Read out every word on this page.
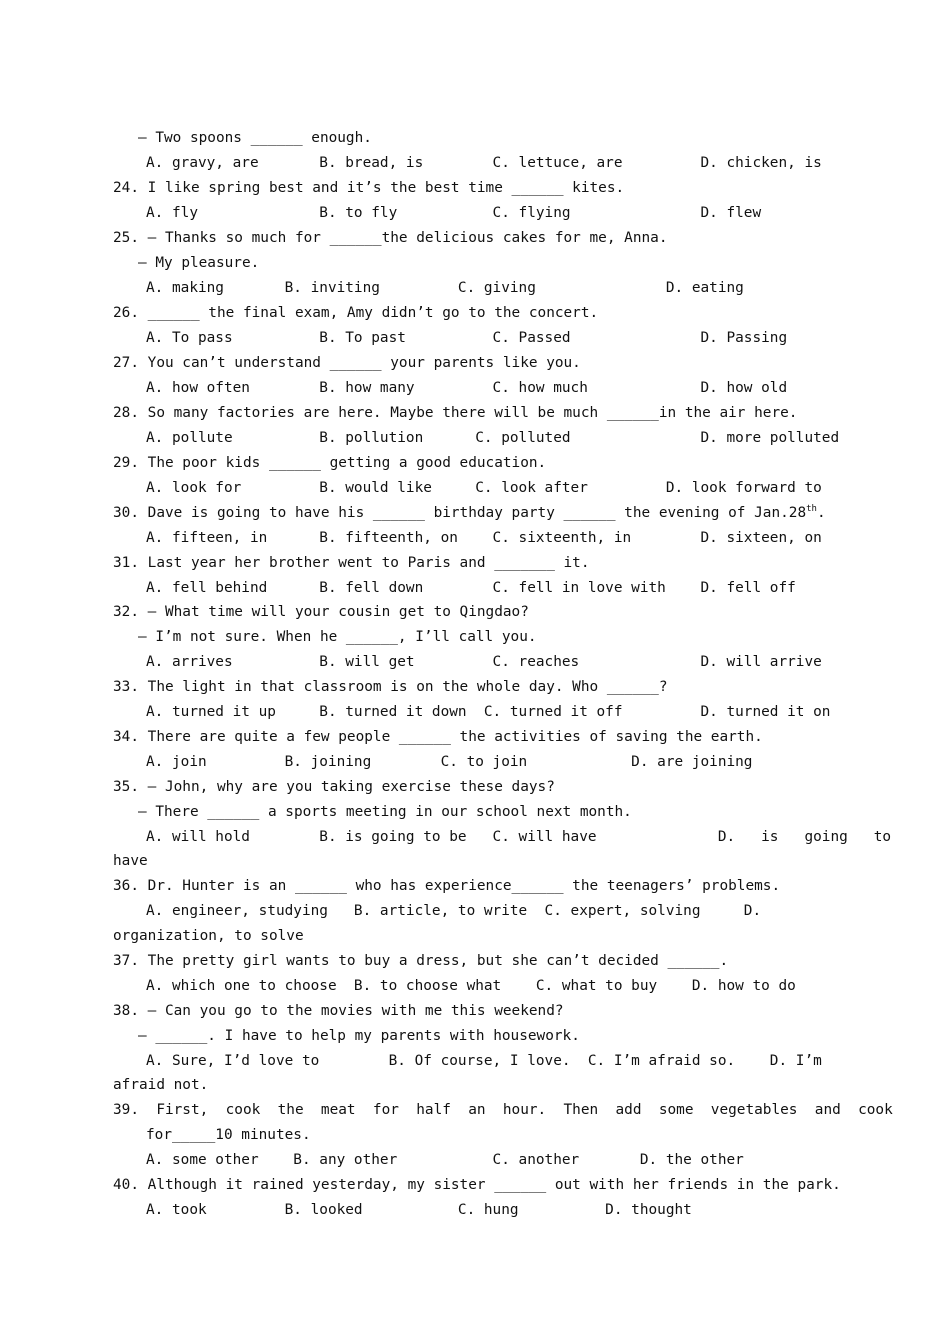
— Two spoons ______ enough.
A. gravy, are       B. bread, is        C. lettuce, are         D. chicken, is
24. I like spring best and it’s the best time ______ kites.
A. fly              B. to fly           C. flying               D. flew
25. — Thanks so much for ______the delicious cakes for me, Anna.
— My pleasure.
A. making       B. inviting         C. giving               D. eating
26. ______ the final exam, Amy didn’t go to the concert.
A. To pass          B. To past          C. Passed               D. Passing
27. You can’t understand ______ your parents like you.
A. how often        B. how many         C. how much             D. how old
28. So many factories are here. Maybe there will be much ______in the air here.
A. pollute          B. pollution      C. polluted               D. more polluted
29. The poor kids ______ getting a good education.
A. look for         B. would like     C. look after         D. look forward to
30. Dave is going to have his ______ birthday party ______ the evening of Jan.28th.
A. fifteen, in      B. fifteenth, on    C. sixteenth, in        D. sixteen, on
31. Last year her brother went to Paris and _______ it.
A. fell behind      B. fell down        C. fell in love with    D. fell off
32. — What time will your cousin get to Qingdao?
— I’m not sure. When he ______, I’ll call you.
A. arrives          B. will get         C. reaches              D. will arrive
33. The light in that classroom is on the whole day. Who ______?
A. turned it up     B. turned it down  C. turned it off         D. turned it on
34. There are quite a few people ______ the activities of saving the earth.
A. join         B. joining        C. to join            D. are joining
35. — John, why are you taking exercise these days?
— There ______ a sports meeting in our school next month.
A. will hold        B. is going to be   C. will have              D.   is   going   to
have
36. Dr. Hunter is an ______ who has experience______ the teenagers’ problems.
A. engineer, studying   B. article, to write  C. expert, solving     D.
organization, to solve
37. The pretty girl wants to buy a dress, but she can’t decided ______.
A. which one to choose  B. to choose what    C. what to buy    D. how to do
38. — Can you go to the movies with me this weekend?
— ______. I have to help my parents with housework.
A. Sure, I’d love to        B. Of course, I love.  C. I’m afraid so.    D. I’m
afraid not.
39.  First,  cook  the  meat  for  half  an  hour.  Then  add  some  vegetables  and  cook
for_____10 minutes.
A. some other    B. any other           C. another       D. the other
40. Although it rained yesterday, my sister ______ out with her friends in the park.
A. took         B. looked           C. hung          D. thought
